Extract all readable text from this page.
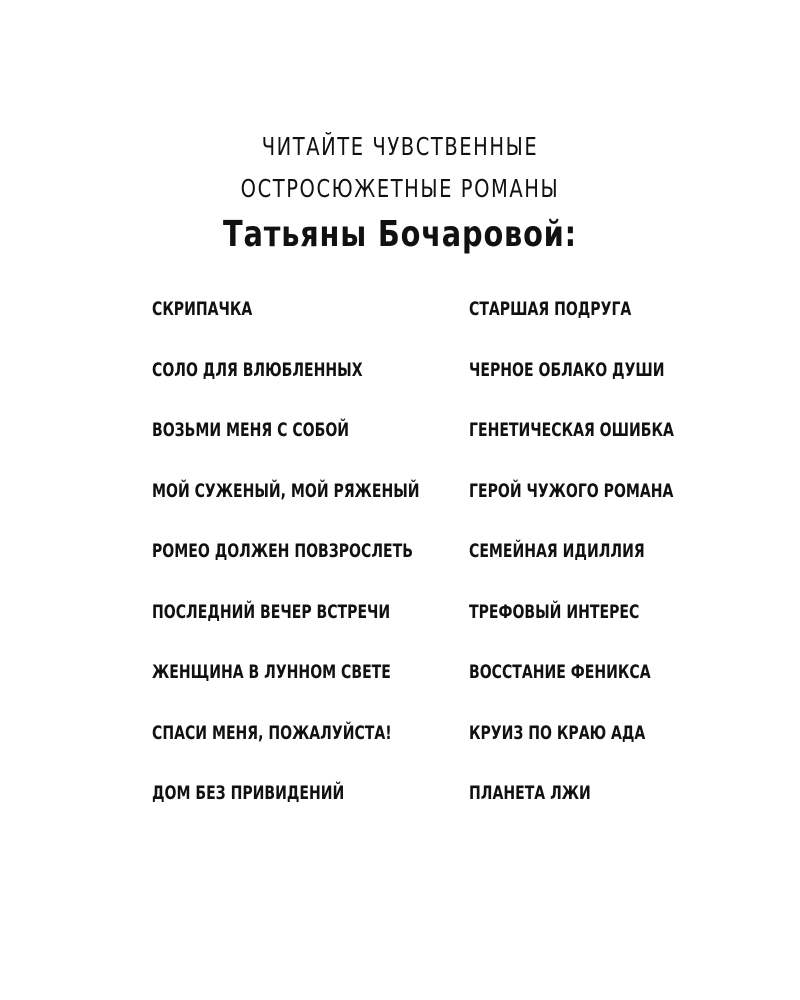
ЧИТАЙТЕ ЧУВСТВЕННЫЕ
ОСТРОСЮЖЕТНЫЕ РОМАНЫ
Татьяны Бочаровой:
СКРИПАЧКА
СОЛО ДЛЯ ВЛЮБЛЕННЫХ
ВОЗЬМИ МЕНЯ С СОБОЙ
МОЙ СУЖЕНЫЙ, МОЙ РЯЖЕНЫЙ
РОМЕО ДОЛЖЕН ПОВЗРОСЛЕТЬ
ПОСЛЕДНИЙ ВЕЧЕР ВСТРЕЧИ
ЖЕНЩИНА В ЛУННОМ СВЕТЕ
СПАСИ МЕНЯ, ПОЖАЛУЙСТА!
ДОМ БЕЗ ПРИВИДЕНИЙ
СТАРШАЯ ПОДРУГА
ЧЕРНОЕ ОБЛАКО ДУШИ
ГЕНЕТИЧЕСКАЯ ОШИБКА
ГЕРОЙ ЧУЖОГО РОМАНА
СЕМЕЙНАЯ ИДИЛЛИЯ
ТРЕФОВЫЙ ИНТЕРЕС
ВОССТАНИЕ ФЕНИКСА
КРУИЗ ПО КРАЮ АДА
ПЛАНЕТА ЛЖИ
